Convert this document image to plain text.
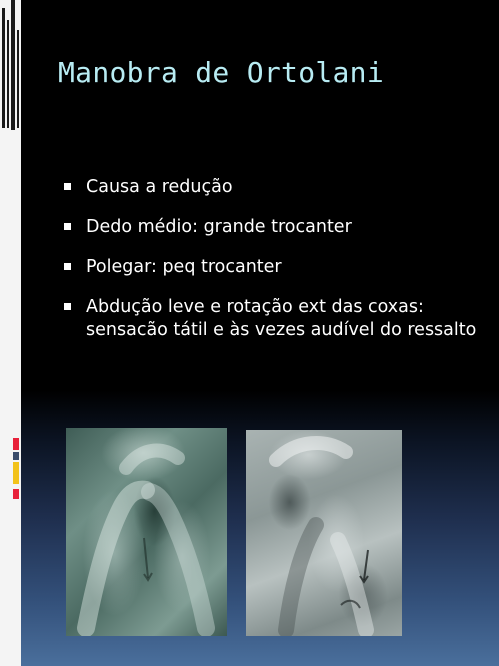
Manobra de Ortolani
Causa a redução
Dedo médio: grande trocanter
Polegar: peq trocanter
Abdução leve e rotação ext das coxas: sensacão tátil e às vezes audível do ressalto
